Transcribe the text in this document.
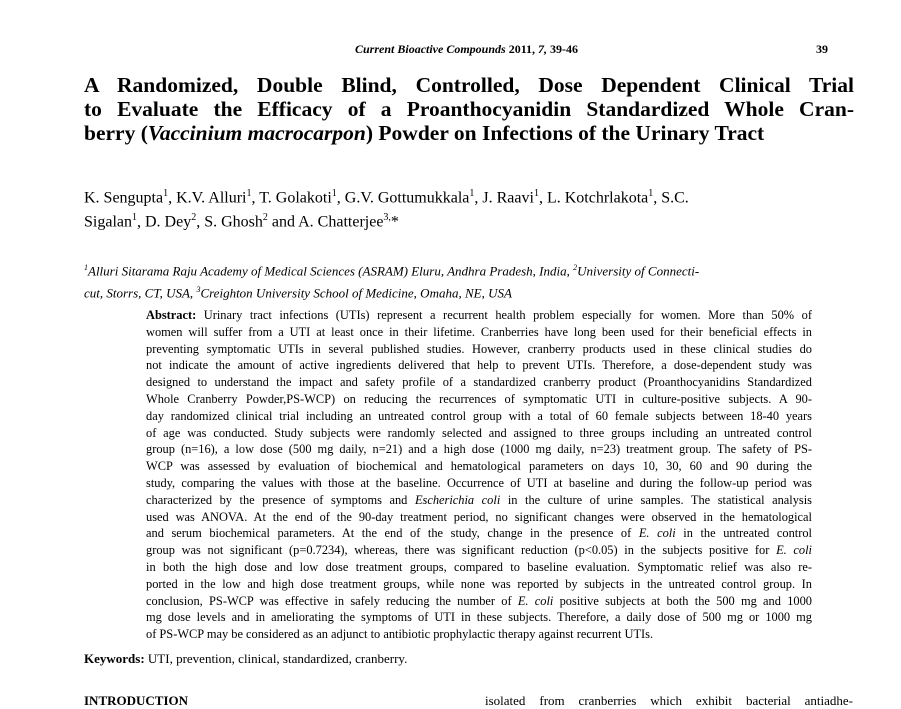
Current Bioactive Compounds 2011, 7, 39-46	39
A Randomized, Double Blind, Controlled, Dose Dependent Clinical Trial
to Evaluate the Efficacy of a Proanthocyanidin Standardized Whole Cran-
berry (Vaccinium macrocarpon) Powder on Infections of the Urinary Tract
K. Sengupta$^1$, K.V. Alluri$^1$, T. Golakoti$^1$, G.V. Gottumukkala$^1$, J. Raavi$^1$, L. Kotchrlakota$^1$, S.C.
Sigalan$^1$, D. Dey$^2$, S. Ghosh$^2$ and A. Chatterjee$^{3,}$*
$^1$Alluri Sitarama Raju Academy of Medical Sciences (ASRAM) Eluru, Andhra Pradesh, India, $^2$University of Connecti-
cut, Storrs, CT, USA, $^3$Creighton University School of Medicine, Omaha, NE, USA
Abstract: Urinary tract infections (UTIs) represent a recurrent health problem especially for women. More than 50% of
women will suffer from a UTI at least once in their lifetime. Cranberries have long been used for their beneficial effects in
preventing symptomatic UTIs in several published studies. However, cranberry products used in these clinical studies do
not indicate the amount of active ingredients delivered that help to prevent UTIs. Therefore, a dose-dependent study was
designed to understand the impact and safety profile of a standardized cranberry product (Proanthocyanidins Standardized
Whole Cranberry Powder,PS-WCP) on reducing the recurrences of symptomatic UTI in culture-positive subjects. A 90-
day randomized clinical trial including an untreated control group with a total of 60 female subjects between 18-40 years
of age was conducted. Study subjects were randomly selected and assigned to three groups including an untreated control
group (n=16), a low dose (500 mg daily, n=21) and a high dose (1000 mg daily, n=23) treatment group. The safety of PS-
WCP was assessed by evaluation of biochemical and hematological parameters on days 10, 30, 60 and 90 during the
study, comparing the values with those at the baseline. Occurrence of UTI at baseline and during the follow-up period was
characterized by the presence of symptoms and Escherichia coli in the culture of urine samples. The statistical analysis
used was ANOVA. At the end of the 90-day treatment period, no significant changes were observed in the hematological
and serum biochemical parameters. At the end of the study, change in the presence of E. coli in the untreated control
group was not significant (p=0.7234), whereas, there was significant reduction (p<0.05) in the subjects positive for E. coli
in both the high dose and low dose treatment groups, compared to baseline evaluation. Symptomatic relief was also re-
ported in the low and high dose treatment groups, while none was reported by subjects in the untreated control group. In
conclusion, PS-WCP was effective in safely reducing the number of E. coli positive subjects at both the 500 mg and 1000
mg dose levels and in ameliorating the symptoms of UTI in these subjects. Therefore, a daily dose of 500 mg or 1000 mg
of PS-WCP may be considered as an adjunct to antibiotic prophylactic therapy against recurrent UTIs.
Keywords: UTI, prevention, clinical, standardized, cranberry.
INTRODUCTION	isolated from cranberries which exhibit bacterial antiadhe-
